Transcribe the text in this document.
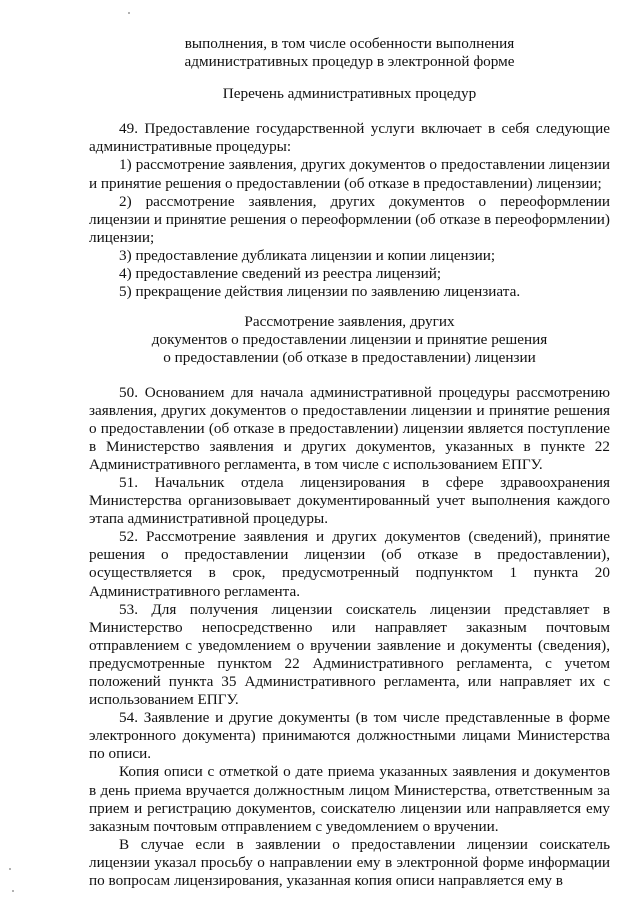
выполнения, в том числе особенности выполнения

административных процедур в электронной форме

Перечень административных процедур

49. Предоставление государственной услуги включает в себя следующие административные процедуры:

1) рассмотрение заявления, других документов о предоставлении лицензии и принятие решения о предоставлении (об отказе в предоставлении) лицензии;

2) рассмотрение заявления, других документов о переоформлении лицензии и принятие решения о переоформлении (об отказе в переоформлении) лицензии;

3) предоставление дубликата лицензии и копии лицензии;

4) предоставление сведений из реестра лицензий;

5) прекращение действия лицензии по заявлению лицензиата.

Рассмотрение заявления, других

документов о предоставлении лицензии и принятие решения

о предоставлении (об отказе в предоставлении) лицензии

50. Основанием для начала административной процедуры рассмотрению заявления, других документов о предоставлении лицензии и принятие решения о предоставлении (об отказе в предоставлении) лицензии является поступление в Министерство заявления и других документов, указанных в пункте 22 Административного регламента, в том числе с использованием ЕПГУ.

51. Начальник отдела лицензирования в сфере здравоохранения Министерства организовывает документированный учет выполнения каждого этапа административной процедуры.

52. Рассмотрение заявления и других документов (сведений), принятие решения о предоставлении лицензии (об отказе в предоставлении), осуществляется в срок, предусмотренный подпунктом 1 пункта 20 Административного регламента.

53. Для получения лицензии соискатель лицензии представляет в Министерство непосредственно или направляет заказным почтовым отправлением с уведомлением о вручении заявление и документы (сведения), предусмотренные пунктом 22 Административного регламента, с учетом положений пункта 35 Административного регламента, или направляет их с использованием ЕПГУ.

54. Заявление и другие документы (в том числе представленные в форме электронного документа) принимаются должностными лицами Министерства по описи.

Копия описи с отметкой о дате приема указанных заявления и документов в день приема вручается должностным лицом Министерства, ответственным за прием и регистрацию документов, соискателю лицензии или направляется ему заказным почтовым отправлением с уведомлением о вручении.

В случае если в заявлении о предоставлении лицензии соискатель лицензии указал просьбу о направлении ему в электронной форме информации по вопросам лицензирования, указанная копия описи направляется ему в
